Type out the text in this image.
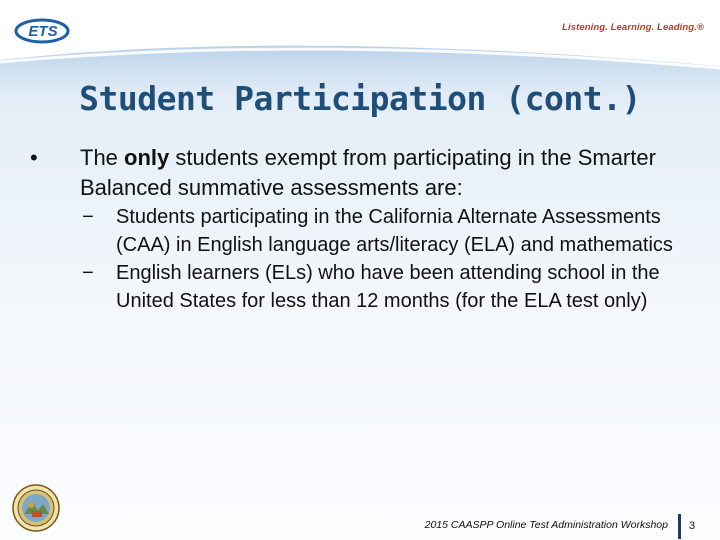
ETS	Listening. Learning. Leading.®
Student Participation (cont.)
•	The only students exempt from participating in the Smarter Balanced summative assessments are:
− Students participating in the California Alternate Assessments (CAA) in English language arts/literacy (ELA) and mathematics
− English learners (ELs) who have been attending school in the United States for less than 12 months (for the ELA test only)
2015 CAASPP Online Test Administration Workshop 3
